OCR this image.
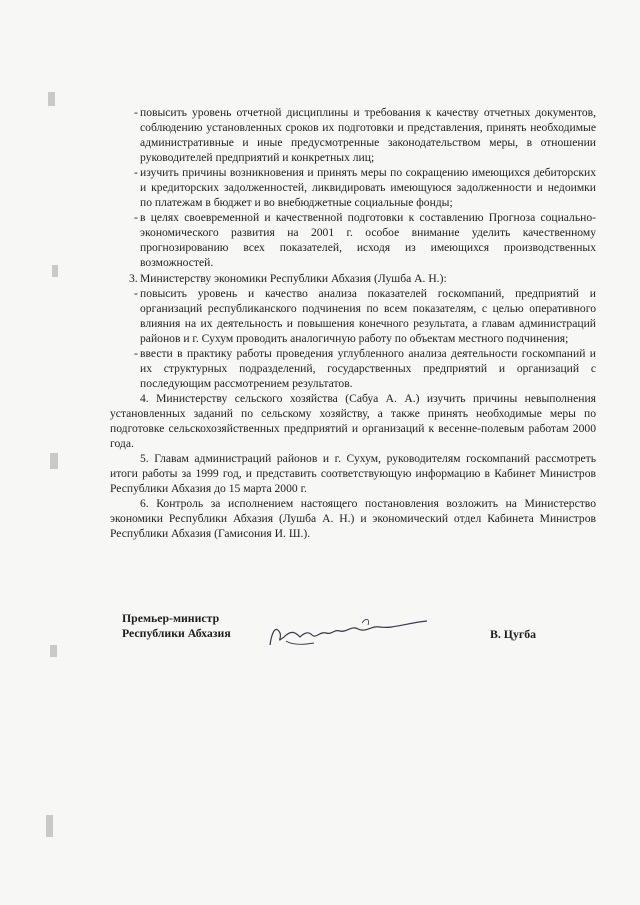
- повысить уровень отчетной дисциплины и требования к качеству отчетных документов, соблюдению установленных сроков их подготовки и представления, принять необходимые административные и иные предусмотренные законодательством меры, в отношении руководителей предприятий и конкретных лиц;
- изучить причины возникновения и принять меры по сокращению имеющихся дебиторских и кредиторских задолженностей, ликвидировать имеющуюся задолженности и недоимки по платежам в бюджет и во внебюджетные социальные фонды;
- в целях своевременной и качественной подготовки к составлению Прогноза социально-экономического развития на 2001 г. особое внимание уделить качественному прогнозированию всех показателей, исходя из имеющихся производственных возможностей.
3. Министерству экономики Республики Абхазия (Лушба А. Н.):
- повысить уровень и качество анализа показателей госкомпаний, предприятий и организаций республиканского подчинения по всем показателям, с целью оперативного влияния на их деятельность и повышения конечного результата, а главам администраций районов и г. Сухум проводить аналогичную работу по объектам местного подчинения;
- ввести в практику работы проведения углубленного анализа деятельности госкомпаний и их структурных подразделений, государственных предприятий и организаций с последующим рассмотрением результатов.
4. Министерству сельского хозяйства (Сабуа А. А.) изучить причины невыполнения установленных заданий по сельскому хозяйству, а также принять необходимые меры по подготовке сельскохозяйственных предприятий и организаций к весенне-полевым работам 2000 года.
5. Главам администраций районов и г. Сухум, руководителям госкомпаний рассмотреть итоги работы за 1999 год, и представить соответствующую информацию в Кабинет Министров Республики Абхазия до 15 марта 2000 г.
6. Контроль за исполнением настоящего постановления возложить на Министерство экономики Республики Абхазия (Лушба А. Н.) и экономический отдел Кабинета Министров Республики Абхазия (Гамисония И. Ш.).
Премьер-министр
Республики Абхазия	В. Цугба
